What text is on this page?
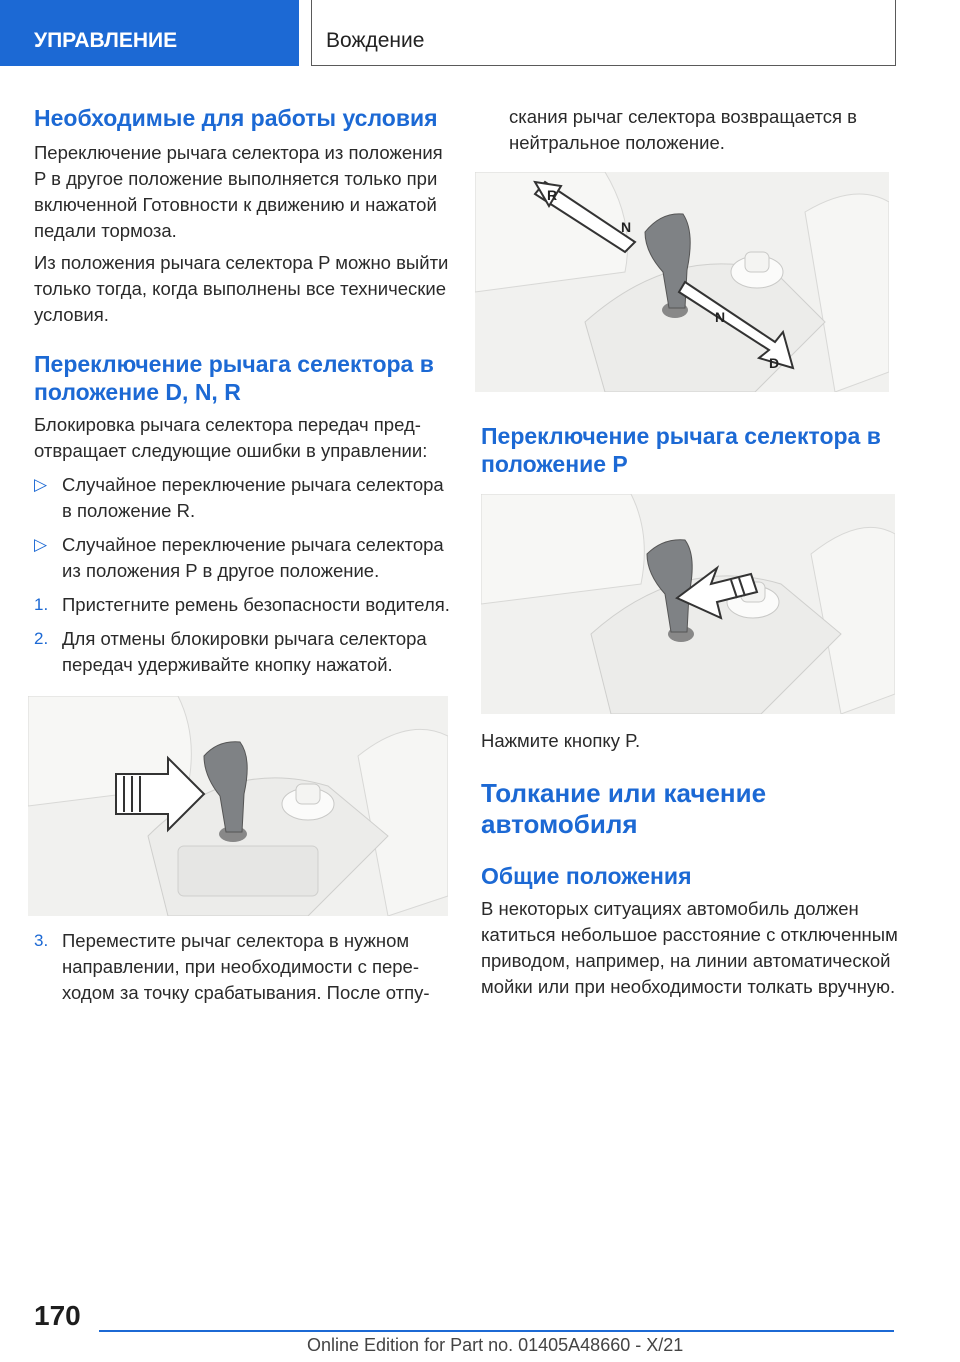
УПРАВЛЕНИЕ	Вождение
Необходимые для работы условия

Переключение рычага селектора из положения P в другое положение выполняется только при включенной Готовности к движению и нажатой педали тормоза.

Из положения рычага селектора P можно выйти только тогда, когда выполнены все технические условия.

Переключение рычага селектора в положение D, N, R

Блокировка рычага селектора передач предотвращает следующие ошибки в управлении:

▷ Случайное переключение рычага селектора в положение R.
▷ Случайное переключение рычага селектора из положения P в другое положение.
1. Пристегните ремень безопасности водителя.
2. Для отмены блокировки рычага селектора передач удерживайте кнопку нажатой.
3. Переместите рычаг селектора в нужном направлении, при необходимости с переходом за точку срабатывания. После отпу-

скания рычаг селектора возвращается в нейтральное положение.

R
N
N
D
Переключение рычага селектора в положение P

Нажмите кнопку P.

Толкание или качение автомобиля
Общие положения

В некоторых ситуациях автомобиль должен катиться небольшое расстояние с отключенным приводом, например, на линии автоматической мойки или при необходимости толкать вручную.

170
Online Edition for Part no. 01405A48660 - X/21
